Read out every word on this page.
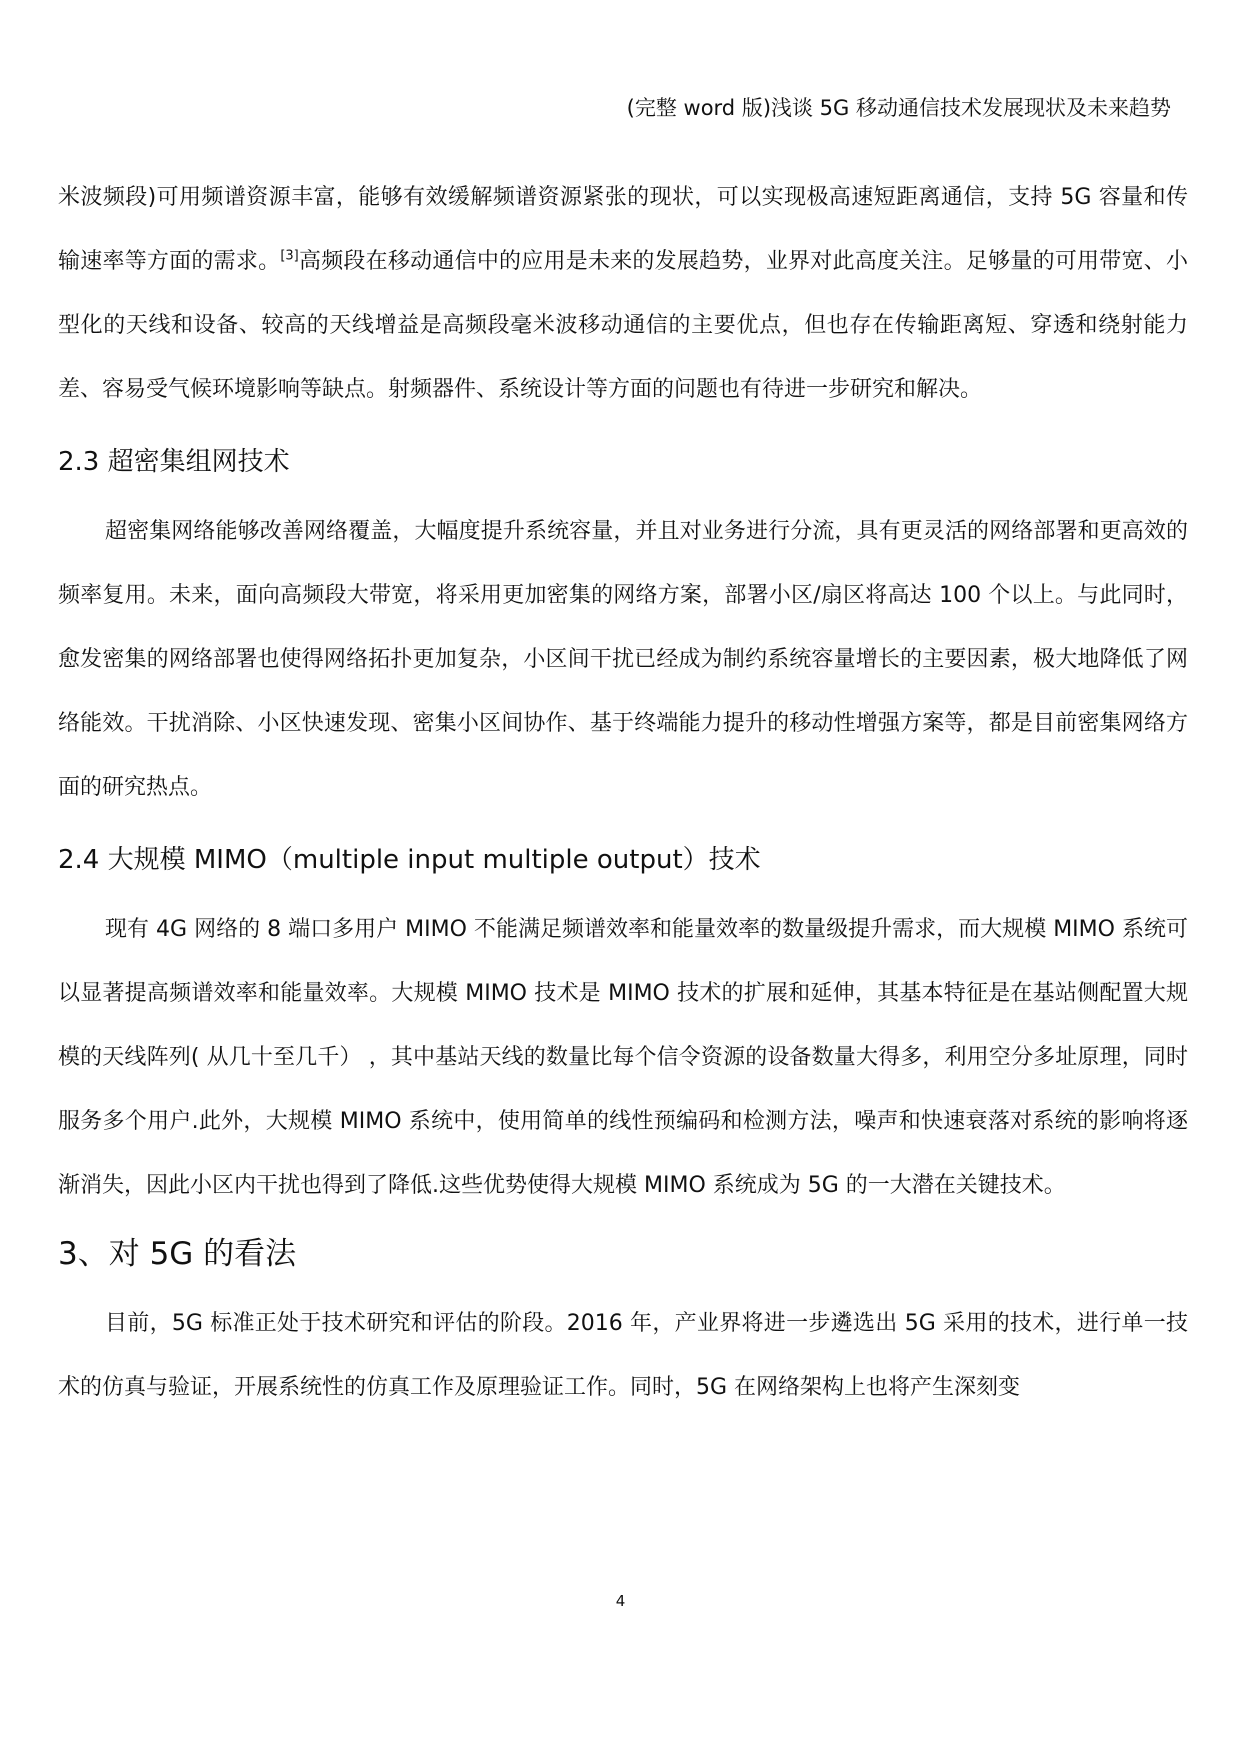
(完整 word 版)浅谈 5G 移动通信技术发展现状及未来趋势

米波频段)可用频谱资源丰富，能够有效缓解频谱资源紧张的现状，可以实现极高速短距离通信，支持 5G 容量和传输速率等方面的需求。[3]高频段在移动通信中的应用是未来的发展趋势，业界对此高度关注。足够量的可用带宽、小型化的天线和设备、较高的天线增益是高频段毫米波移动通信的主要优点，但也存在传输距离短、穿透和绕射能力差、容易受气候环境影响等缺点。射频器件、系统设计等方面的问题也有待进一步研究和解决。

2.3 超密集组网技术

超密集网络能够改善网络覆盖，大幅度提升系统容量，并且对业务进行分流，具有更灵活的网络部署和更高效的频率复用。未来，面向高频段大带宽，将采用更加密集的网络方案，部署小区/扇区将高达 100 个以上。与此同时，愈发密集的网络部署也使得网络拓扑更加复杂，小区间干扰已经成为制约系统容量增长的主要因素，极大地降低了网络能效。干扰消除、小区快速发现、密集小区间协作、基于终端能力提升的移动性增强方案等，都是目前密集网络方面的研究热点。

2.4 大规模 MIMO（multiple input multiple output）技术

现有 4G 网络的 8 端口多用户 MIMO 不能满足频谱效率和能量效率的数量级提升需求，而大规模 MIMO 系统可以显著提高频谱效率和能量效率。大规模 MIMO 技术是 MIMO 技术的扩展和延伸，其基本特征是在基站侧配置大规模的天线阵列( 从几十至几千） ，其中基站天线的数量比每个信令资源的设备数量大得多，利用空分多址原理，同时服务多个用户.此外，大规模 MIMO 系统中，使用简单的线性预编码和检测方法，噪声和快速衰落对系统的影响将逐渐消失，因此小区内干扰也得到了降低.这些优势使得大规模 MIMO 系统成为 5G 的一大潜在关键技术。

3、对 5G 的看法

目前，5G 标准正处于技术研究和评估的阶段。2016 年，产业界将进一步遴选出 5G 采用的技术，进行单一技术的仿真与验证，开展系统性的仿真工作及原理验证工作。同时，5G 在网络架构上也将产生深刻变

4
